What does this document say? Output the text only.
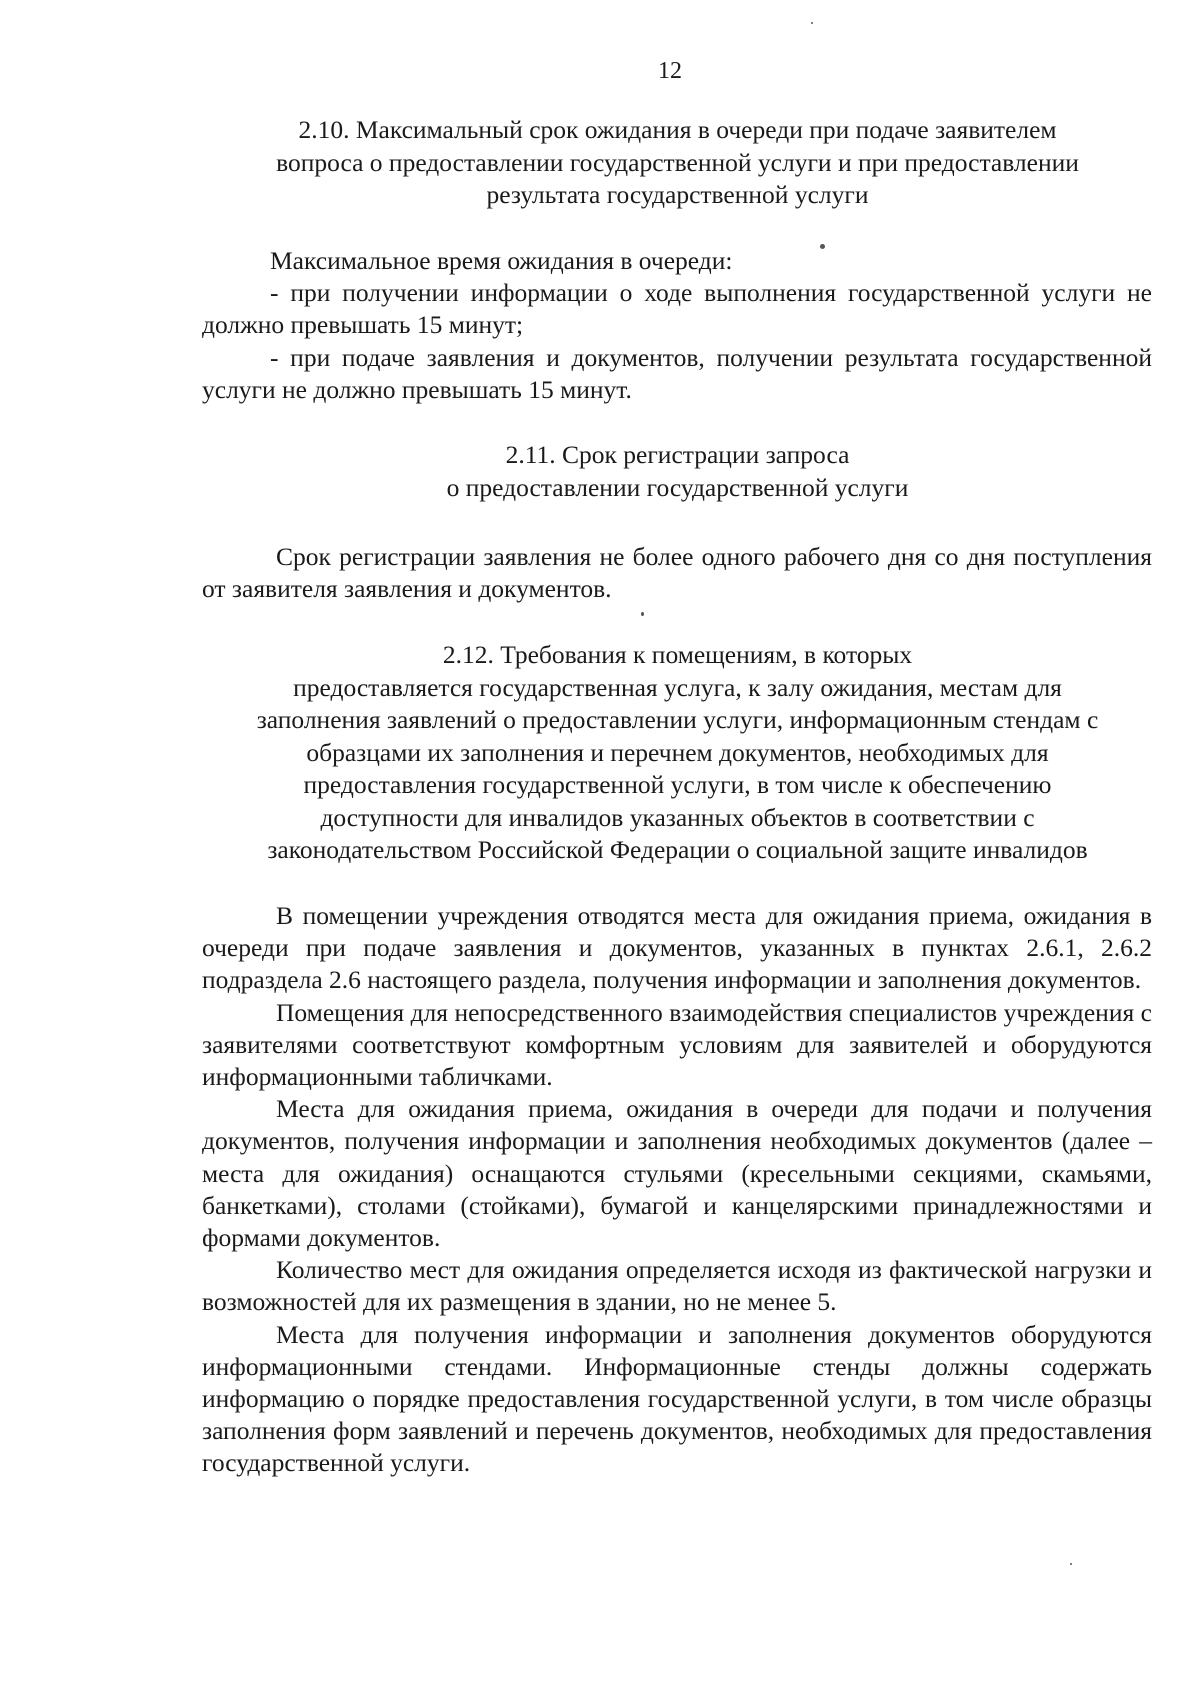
12
2.10. Максимальный срок ожидания в очереди при подаче заявителем
вопроса о предоставлении государственной услуги и при предоставлении
результата государственной услуги

Максимальное время ожидания в очереди:

- при получении информации о ходе выполнения государственной услуги не должно превышать 15 минут;

- при подаче заявления и документов, получении результата государственной услуги не должно превышать 15 минут.

2.11. Срок регистрации запроса
о предоставлении государственной услуги

Срок регистрации заявления не более одного рабочего дня со дня поступления от заявителя заявления и документов.

2.12. Требования к помещениям, в которых
предоставляется государственная услуга, к залу ожидания, местам для
заполнения заявлений о предоставлении услуги, информационным стендам с
образцами их заполнения и перечнем документов, необходимых для
предоставления государственной услуги, в том числе к обеспечению
доступности для инвалидов указанных объектов в соответствии с
законодательством Российской Федерации о социальной защите инвалидов

В помещении учреждения отводятся места для ожидания приема, ожидания в очереди при подаче заявления и документов, указанных в пунктах 2.6.1, 2.6.2 подраздела 2.6 настоящего раздела, получения информации и заполнения документов.

Помещения для непосредственного взаимодействия специалистов учреждения с заявителями соответствуют комфортным условиям для заявителей и оборудуются информационными табличками.

Места для ожидания приема, ожидания в очереди для подачи и получения документов, получения информации и заполнения необходимых документов (далее – места для ожидания) оснащаются стульями (кресельными секциями, скамьями, банкетками), столами (стойками), бумагой и канцелярскими принадлежностями и формами документов.

Количество мест для ожидания определяется исходя из фактической нагрузки и возможностей для их размещения в здании, но не менее 5.

Места для получения информации и заполнения документов оборудуются информационными стендами. Информационные стенды должны содержать информацию о порядке предоставления государственной услуги, в том числе образцы заполнения форм заявлений и перечень документов, необходимых для предоставления государственной услуги.
